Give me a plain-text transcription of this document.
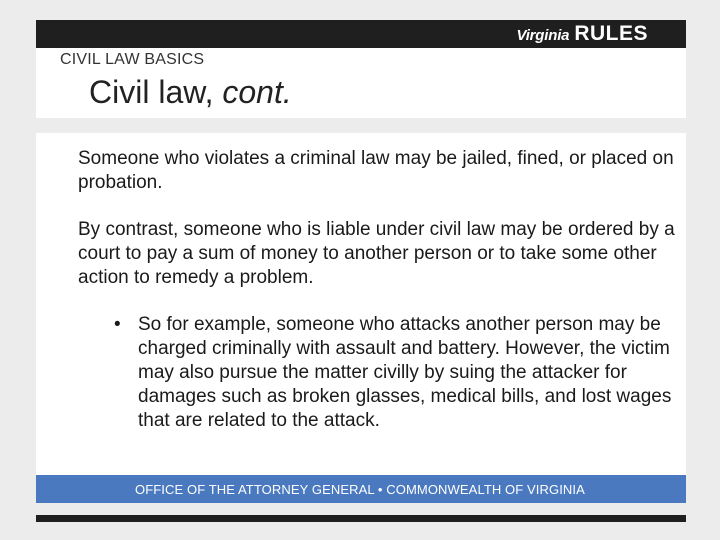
Virginia RULES
CIVIL LAW BASICS
Civil law, cont.

Someone who violates a criminal law may be jailed, fined, or placed on probation.

By contrast, someone who is liable under civil law may be ordered by a court to pay a sum of money to another person or to take some other action to remedy a problem.

• So for example, someone who attacks another person may be charged criminally with assault and battery. However, the victim may also pursue the matter civilly by suing the attacker for damages such as broken glasses, medical bills, and lost wages that are related to the attack.
OFFICE OF THE ATTORNEY GENERAL • COMMONWEALTH OF VIRGINIA
